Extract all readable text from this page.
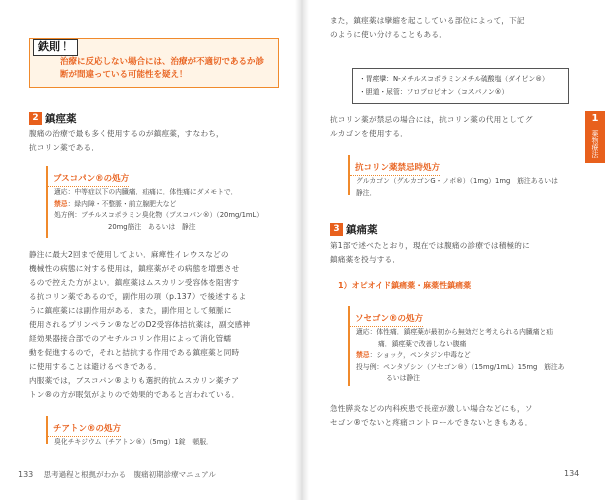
鉄則 ！
治療に反応しない場合には、治療が不適切であるか診
断が間違っている可能性を疑え！
2 鎮痙薬
腹痛の治療で最も多く使用するのが鎮痙薬，すなわち，
抗コリン薬である．
ブスコパン®の処方
適応：中等症以下の内臓痛．疝痛に．体性痛にダメモトで．
禁忌：緑内障・不整脈・前立腺肥大など
処方例：ブチルスコポラミン臭化物（ブスコパン®）（20mg/1mL）
20mg筋注　あるいは　静注
静注に最大2回まで使用してよい．麻痺性イレウスなどの
機械性の病態に対する使用は，鎮痙薬がその病態を増悪させ
るので控えた方がよい．鎮痙薬はムスカリン受容体を阻害す
る抗コリン薬であるので，副作用の項（p.137）で後述するよ
うに鎮痙薬には副作用がある．また，副作用として頻脈に
使用されるプリンペラン®などのD2受容体拮抗薬は，副交感神
経効果器接合部でのアセチルコリン作用によって消化管蠕
動を促進するので，それと拮抗する作用である鎮痙薬と同時
に使用することは避けるべきである．
内服薬では，ブスコパン®よりも選択的抗ムスカリン薬チア
トン®の方が眠気がよりので効果的であると言われている．
チアトン®の処方
臭化チキジウム（チアトン®）（5mg）1錠　頓服．
133 思考過程と根拠がわかる　腹痛初期診療マニュアル
また，鎮痙薬は攣縮を起こしている部位によって，下記
のように使い分けることもある．
・胃痙攣：N-メチルスコポラミンメチル硫酸塩（ダイピン®）
・胆道・尿管：フロプロピオン（コスパノン®）
抗コリン薬が禁忌の場合には，抗コリン薬の代用としてグ
ルカゴンを使用する．
抗コリン薬禁忌時処方
グルカゴン（グルカゴンG・ノボ®）（1mg）1mg　筋注あるいは
静注．
3 鎮痛薬
第1部で述べたとおり，現在では腹痛の診療では積極的に
鎮痛薬を投与する．
1）オピオイド鎮痛薬・麻薬性鎮痛薬
ソセゴン®の処方
適応：体性痛．鎮痙薬が最初から無効だと考えられる内臓痛と疝
痛．鎮痙薬で改善しない腹痛
禁忌：ショック，ペンタジン中毒など
投与例：ペンタゾシン（ソセゴン®）（15mg/1mL）15mg　筋注あ
るいは静注
急性膵炎などの内科疾患で長産が激しい場合などにも，ソ
セゴン®でないと疼痛コントロールできないときもある．
1
薬物療法
134
